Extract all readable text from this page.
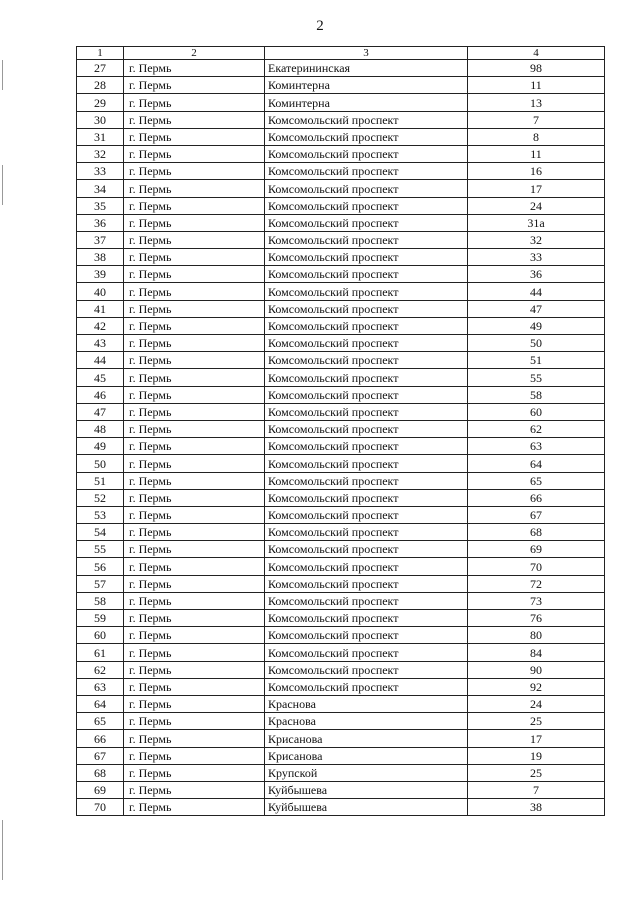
2
1	2	3	4
27	г. Пермь	Екатерининская	98
28	г. Пермь	Коминтерна	11
29	г. Пермь	Коминтерна	13
30	г. Пермь	Комсомольский проспект	7
31	г. Пермь	Комсомольский проспект	8
32	г. Пермь	Комсомольский проспект	11
33	г. Пермь	Комсомольский проспект	16
34	г. Пермь	Комсомольский проспект	17
35	г. Пермь	Комсомольский проспект	24
36	г. Пермь	Комсомольский проспект	31а
37	г. Пермь	Комсомольский проспект	32
38	г. Пермь	Комсомольский проспект	33
39	г. Пермь	Комсомольский проспект	36
40	г. Пермь	Комсомольский проспект	44
41	г. Пермь	Комсомольский проспект	47
42	г. Пермь	Комсомольский проспект	49
43	г. Пермь	Комсомольский проспект	50
44	г. Пермь	Комсомольский проспект	51
45	г. Пермь	Комсомольский проспект	55
46	г. Пермь	Комсомольский проспект	58
47	г. Пермь	Комсомольский проспект	60
48	г. Пермь	Комсомольский проспект	62
49	г. Пермь	Комсомольский проспект	63
50	г. Пермь	Комсомольский проспект	64
51	г. Пермь	Комсомольский проспект	65
52	г. Пермь	Комсомольский проспект	66
53	г. Пермь	Комсомольский проспект	67
54	г. Пермь	Комсомольский проспект	68
55	г. Пермь	Комсомольский проспект	69
56	г. Пермь	Комсомольский проспект	70
57	г. Пермь	Комсомольский проспект	72
58	г. Пермь	Комсомольский проспект	73
59	г. Пермь	Комсомольский проспект	76
60	г. Пермь	Комсомольский проспект	80
61	г. Пермь	Комсомольский проспект	84
62	г. Пермь	Комсомольский проспект	90
63	г. Пермь	Комсомольский проспект	92
64	г. Пермь	Краснова	24
65	г. Пермь	Краснова	25
66	г. Пермь	Крисанова	17
67	г. Пермь	Крисанова	19
68	г. Пермь	Крупской	25
69	г. Пермь	Куйбышева	7
70	г. Пермь	Куйбышева	38
